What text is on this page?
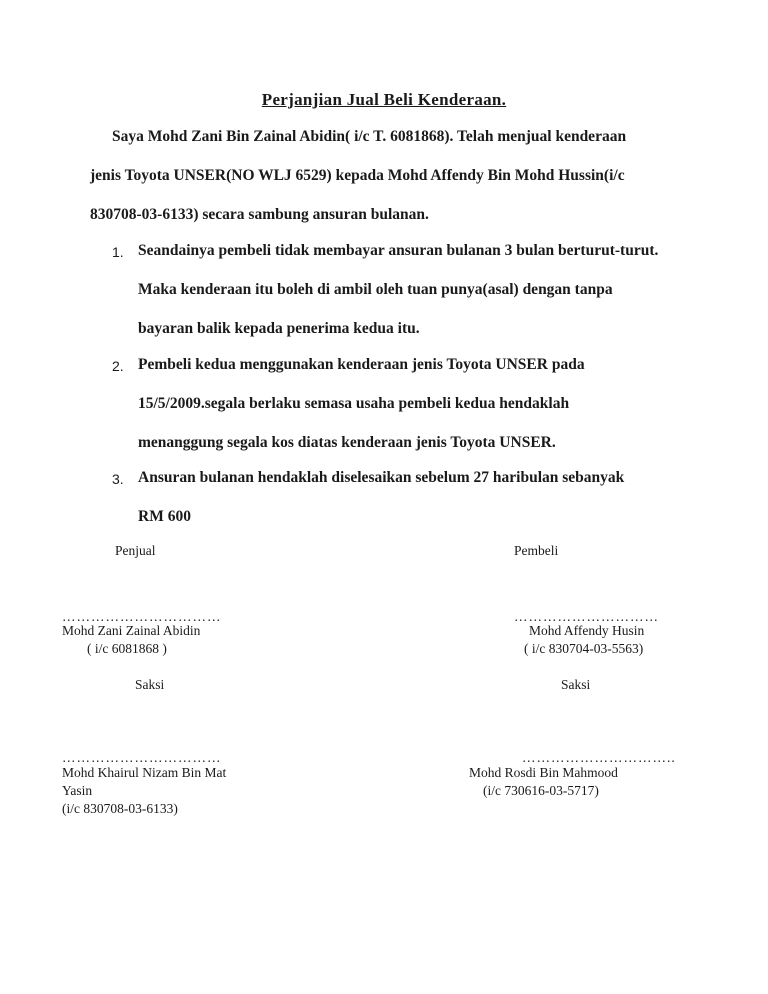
Perjanjian Jual Beli Kenderaan.
Saya Mohd Zani Bin Zainal Abidin( i/c T. 6081868). Telah menjual kenderaan
jenis Toyota UNSER(NO WLJ 6529) kepada Mohd Affendy Bin Mohd Hussin(i/c
830708-03-6133) secara sambung ansuran bulanan.
1. Seandainya pembeli tidak membayar ansuran bulanan 3 bulan berturut-turut.
Maka kenderaan itu boleh di ambil oleh tuan punya(asal) dengan tanpa
bayaran balik kepada penerima kedua itu.
2. Pembeli kedua menggunakan kenderaan jenis Toyota UNSER pada
15/5/2009.segala berlaku semasa usaha pembeli kedua hendaklah
menanggung segala kos diatas kenderaan jenis Toyota UNSER.
3. Ansuran bulanan hendaklah diselesaikan sebelum 27 haribulan sebanyak
RM 600
Penjual	Pembeli
……………………………	…………………………
Mohd Zani Zainal Abidin	Mohd Affendy Husin
( i/c 6081868 )	( i/c 830704-03-5563)
Saksi	Saksi
……………………………	…………………………..
Mohd Khairul Nizam Bin Mat	Mohd Rosdi Bin Mahmood
Yasin	(i/c 730616-03-5717)
(i/c 830708-03-6133)
